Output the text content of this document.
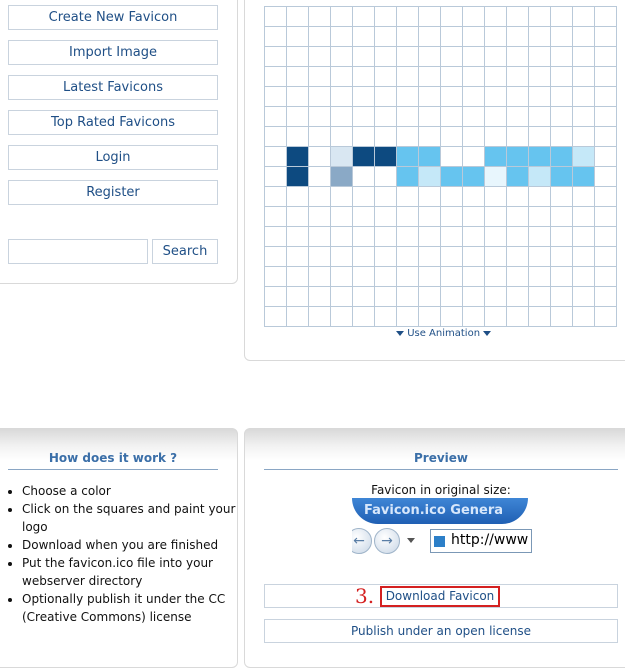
Create New Favicon
Import Image
Latest Favicons
Top Rated Favicons
Login
Register
Search
Use Animation
How does it work ?
• Choose a color
• Click on the squares and paint your logo
• Download when you are finished
• Put the favicon.ico file into your webserver directory
• Optionally publish it under the CC (Creative Commons) license
Preview
Favicon in original size:
Favicon.ico Genera
←	→	http://www
3. Download Favicon
Publish under an open license
